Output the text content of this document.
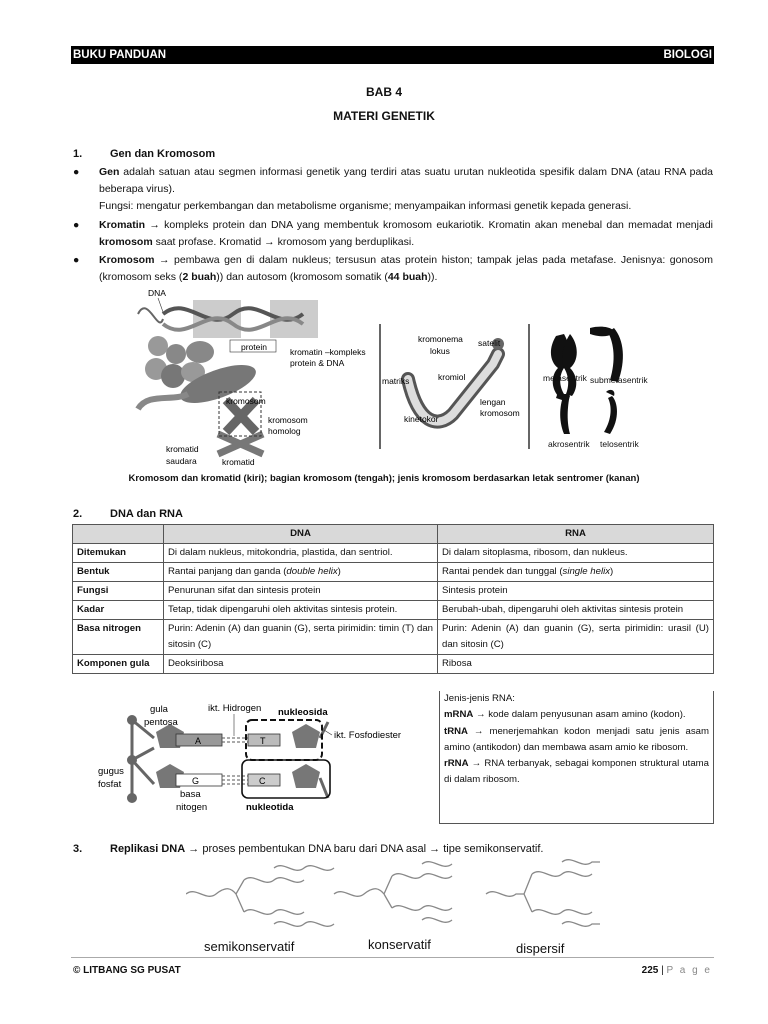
BUKU PANDUAN	BIOLOGI
BAB 4
MATERI GENETIK
1.	Gen dan Kromosom
● Gen adalah satuan atau segmen informasi genetik yang terdiri atas suatu urutan nukleotida spesifik dalam DNA (atau RNA pada beberapa virus).
Fungsi: mengatur perkembangan dan metabolisme organisme; menyampaikan informasi genetik kepada generasi.
● Kromatin → kompleks protein dan DNA yang membentuk kromosom eukariotik. Kromatin akan menebal dan memadat menjadi kromosom saat profase. Kromatid → kromosom yang berduplikasi.
● Kromosom → pembawa gen di dalam nukleus; tersusun atas protein histon; tampak jelas pada metafase. Jenisnya: gonosom (kromosom seks (2 buah)) dan autosom (kromosom somatik (44 buah)).
DNA
protein	kromatin –kompleks
protein & DNA
kromosom
kromosom
homolog
kromatid
saudara	kromatid
kromonema
lokus
satelit
matriks	kromiol
lengan
kromosom
kinetokor
metasentrik submetasentrik
akrosentrik telosentrik
Kromosom dan kromatid (kiri); bagian kromosom (tengah); jenis kromosom berdasarkan letak sentromer (kanan)
2.	DNA dan RNA
	DNA	RNA
Ditemukan	Di dalam nukleus, mitokondria, plastida, dan sentriol.	Di dalam sitoplasma, ribosom, dan nukleus.
Bentuk	Rantai panjang dan ganda (double helix)	Rantai pendek dan tunggal (single helix)
Fungsi	Penurunan sifat dan sintesis protein	Sintesis protein
Kadar	Tetap, tidak dipengaruhi oleh aktivitas sintesis protein.	Berubah-ubah, dipengaruhi oleh aktivitas sintesis protein
Basa nitrogen	Purin: Adenin (A) dan guanin (G), serta pirimidin: timin (T) dan sitosin (C)	Purin: Adenin (A) dan guanin (G), serta pirimidin: urasil (U) dan sitosin (C)
Komponen gula	Deoksiribosa	Ribosa
Jenis-jenis RNA:
mRNA → kode dalam penyusunan asam amino (kodon).
tRNA → menerjemahkan kodon menjadi satu jenis asam amino (antikodon) dan membawa asam amio ke ribosom.
rRNA → RNA terbanyak, sebagai komponen struktural utama di dalam ribosom.
A	T
G	C
gula
pentosa
ikt. Hidrogen nukleosida
ikt. Fosfodiester
gugus
fosfat
basa
nitogen	nukleotida
3.	Replikasi DNA → proses pembentukan DNA baru dari DNA asal → tipe semikonservatif.
semikonservatif	konservatif	dispersif
© LITBANG SG PUSAT	225 | P a g e
